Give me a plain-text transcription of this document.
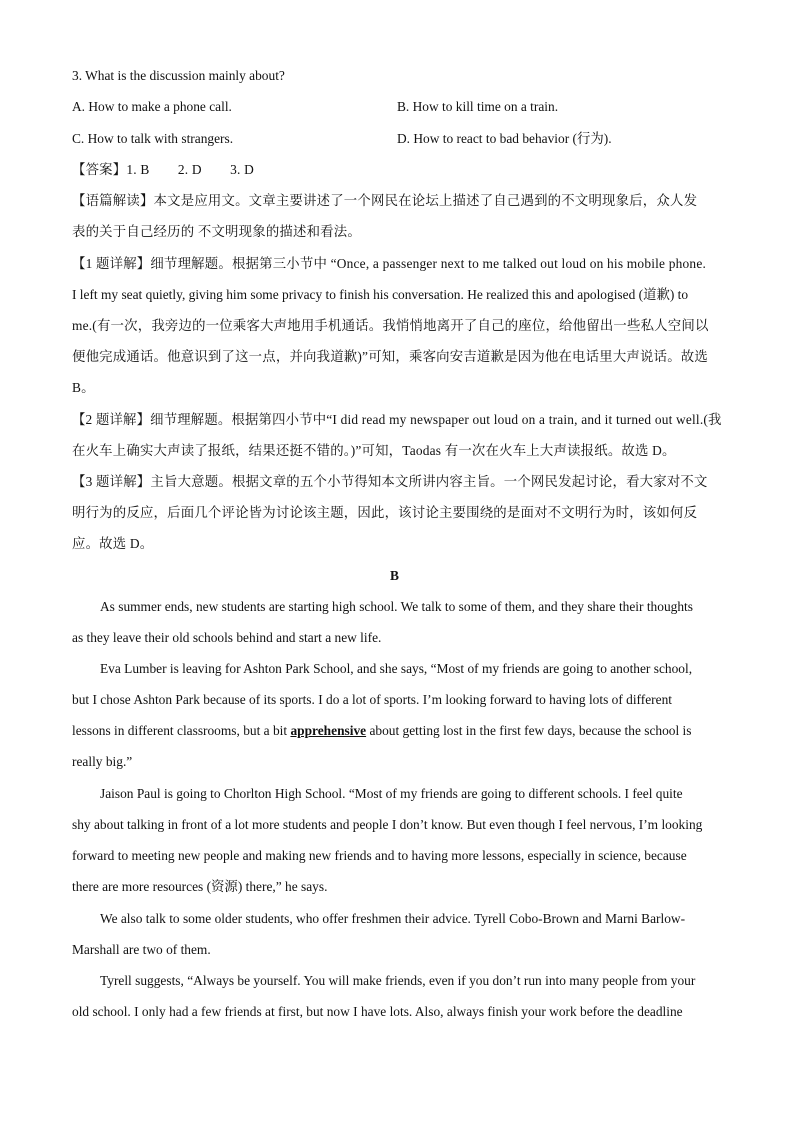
3. What is the discussion mainly about?
A. How to make a phone call.	B. How to kill time on a train.
C. How to talk with strangers.	D. How to react to bad behavior (行为).
【答案】1. B        2. D        3. D
【语篇解读】本文是应用文。文章主要讲述了一个网民在论坛上描述了自己遇到的不文明现象后，众人发
表的关于自己经历的 不文明现象的描述和看法。
【1 题详解】细节理解题。根据第三小节中 “Once, a passenger next to me talked out loud on his mobile phone.
I left my seat quietly, giving him some privacy to finish his conversation. He realized this and apologised (道歉) to
me.(有一次，我旁边的一位乘客大声地用手机通话。我悄悄地离开了自己的座位，给他留出一些私人空间以
便他完成通话。他意识到了这一点，并向我道歉)”可知，乘客向安吉道歉是因为他在电话里大声说话。故选
B。
【2 题详解】细节理解题。根据第四小节中“I did read my newspaper out loud on a train, and it turned out well.(我
在火车上确实大声读了报纸，结果还挺不错的。)”可知，Taodas 有一次在火车上大声读报纸。故选 D。
【3 题详解】主旨大意题。根据文章的五个小节得知本文所讲内容主旨。一个网民发起讨论，看大家对不文
明行为的反应，后面几个评论皆为讨论该主题，因此，该讨论主要围绕的是面对不文明行为时，该如何反
应。故选 D。
B
As summer ends, new students are starting high school. We talk to some of them, and they share their thoughts
as they leave their old schools behind and start a new life.
Eva Lumber is leaving for Ashton Park School, and she says, “Most of my friends are going to another school,
but I chose Ashton Park because of its sports. I do a lot of sports. I’m looking forward to having lots of different
lessons in different classrooms, but a bit apprehensive about getting lost in the first few days, because the school is
really big.”
Jaison Paul is going to Chorlton High School. “Most of my friends are going to different schools. I feel quite
shy about talking in front of a lot more students and people I don’t know. But even though I feel nervous, I’m looking
forward to meeting new people and making new friends and to having more lessons, especially in science, because
there are more resources (资源) there,” he says.
We also talk to some older students, who offer freshmen their advice. Tyrell Cobo-Brown and Marni Barlow-
Marshall are two of them.
Tyrell suggests, “Always be yourself. You will make friends, even if you don’t run into many people from your
old school. I only had a few friends at first, but now I have lots. Also, always finish your work before the deadline
